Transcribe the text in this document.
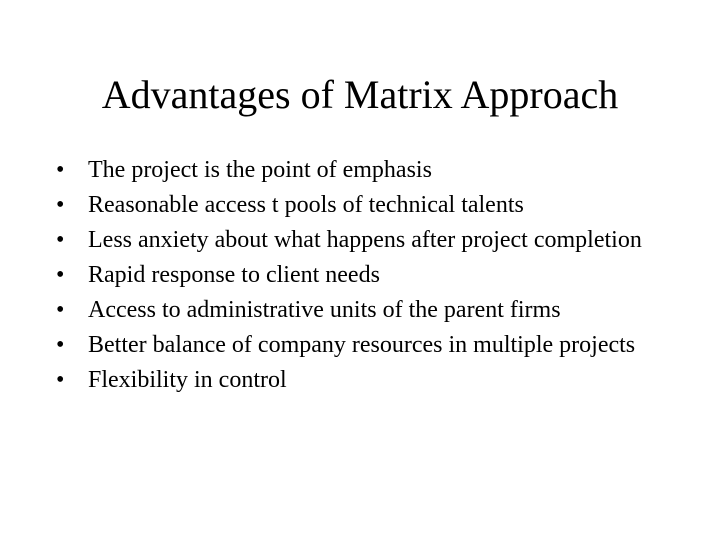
Advantages of Matrix Approach
• The project is the point of emphasis
• Reasonable access t pools of technical talents
• Less anxiety about what happens after project completion
• Rapid response to client needs
• Access to administrative units of the parent firms
• Better balance of company resources in multiple projects
• Flexibility in control
